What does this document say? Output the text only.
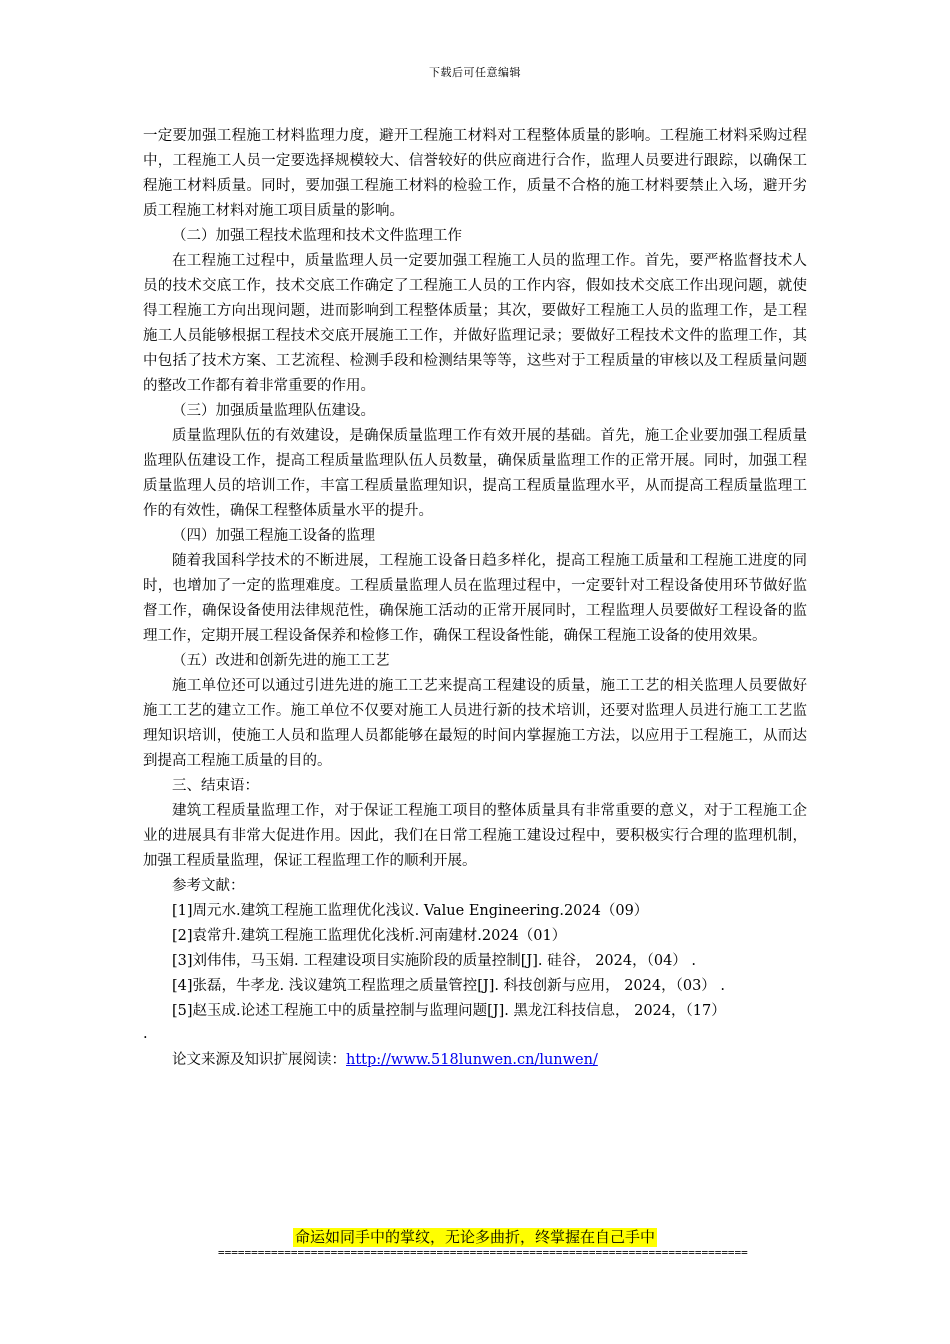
下载后可任意编辑

一定要加强工程施工材料监理力度，避开工程施工材料对工程整体质量的影响。工程施工材料采购过程中，工程施工人员一定要选择规模较大、信誉较好的供应商进行合作，监理人员要进行跟踪，以确保工程施工材料质量。同时，要加强工程施工材料的检验工作，质量不合格的施工材料要禁止入场，避开劣质工程施工材料对施工项目质量的影响。

（二）加强工程技术监理和技术文件监理工作

在工程施工过程中，质量监理人员一定要加强工程施工人员的监理工作。首先，要严格监督技术人员的技术交底工作，技术交底工作确定了工程施工人员的工作内容，假如技术交底工作出现问题，就使得工程施工方向出现问题，进而影响到工程整体质量；其次，要做好工程施工人员的监理工作，是工程施工人员能够根据工程技术交底开展施工工作，并做好监理记录；要做好工程技术文件的监理工作，其中包括了技术方案、工艺流程、检测手段和检测结果等等，这些对于工程质量的审核以及工程质量问题的整改工作都有着非常重要的作用。

（三）加强质量监理队伍建设。

质量监理队伍的有效建设，是确保质量监理工作有效开展的基础。首先，施工企业要加强工程质量监理队伍建设工作，提高工程质量监理队伍人员数量，确保质量监理工作的正常开展。同时，加强工程质量监理人员的培训工作，丰富工程质量监理知识，提高工程质量监理水平，从而提高工程质量监理工作的有效性，确保工程整体质量水平的提升。

（四）加强工程施工设备的监理

随着我国科学技术的不断进展，工程施工设备日趋多样化，提高工程施工质量和工程施工进度的同时，也增加了一定的监理难度。工程质量监理人员在监理过程中，一定要针对工程设备使用环节做好监督工作，确保设备使用法律规范性，确保施工活动的正常开展同时，工程监理人员要做好工程设备的监理工作，定期开展工程设备保养和检修工作，确保工程设备性能，确保工程施工设备的使用效果。

（五）改进和创新先进的施工工艺

施工单位还可以通过引进先进的施工工艺来提高工程建设的质量，施工工艺的相关监理人员要做好施工工艺的建立工作。施工单位不仅要对施工人员进行新的技术培训，还要对监理人员进行施工工艺监理知识培训，使施工人员和监理人员都能够在最短的时间内掌握施工方法，以应用于工程施工，从而达到提高工程施工质量的目的。

三、结束语：

建筑工程质量监理工作，对于保证工程施工项目的整体质量具有非常重要的意义，对于工程施工企业的进展具有非常大促进作用。因此，我们在日常工程施工建设过程中，要积极实行合理的监理机制，加强工程质量监理，保证工程监理工作的顺利开展。

参考文献：

[1]周元水.建筑工程施工监理优化浅议. Value Engineering.2024（09）

[2]袁常升.建筑工程施工监理优化浅析.河南建材.2024（01）

[3]刘伟伟，马玉娟. 工程建设项目实施阶段的质量控制[J]. 硅谷， 2024，（04） .

[4]张磊，牛孝龙. 浅议建筑工程监理之质量管控[J]. 科技创新与应用， 2024，（03） .

[5]赵玉成.论述工程施工中的质量控制与监理问题[J]. 黑龙江科技信息， 2024，（17）

.

论文来源及知识扩展阅读：http://www.518lunwen.cn/lunwen/

命运如同手中的掌纹，无论多曲折，终掌握在自己手中
================================================================================
